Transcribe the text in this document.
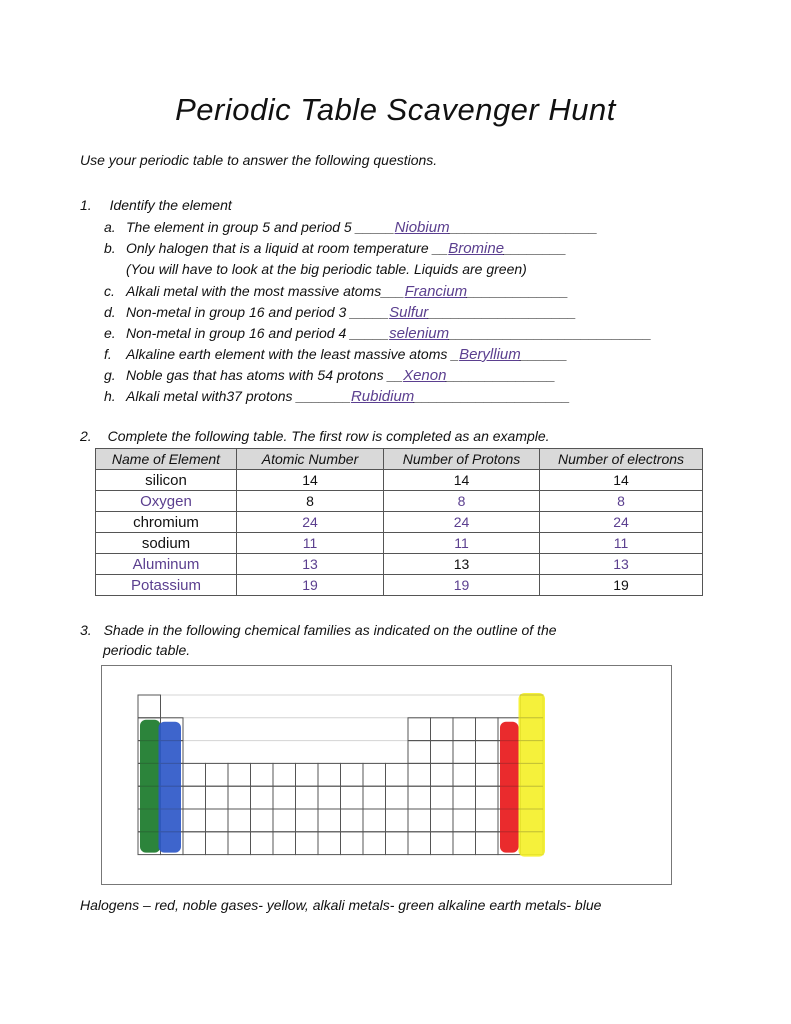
Periodic Table Scavenger Hunt
Use your periodic table to answer the following questions.
1. Identify the element
a. The element in group 5 and period 5 _____Niobium___________________
b. Only halogen that is a liquid at room temperature __Bromine________
(You will have to look at the big periodic table. Liquids are green)
c. Alkali metal with the most massive atoms___Francium_____________
d. Non-metal in group 16 and period 3 _____Sulfur___________________
e. Non-metal in group 16 and period 4 _____selenium__________________________
f. Alkaline earth element with the least massive atoms _Beryllium______
g. Noble gas that has atoms with 54 protons __Xenon______________
h. Alkali metal with37 protons _______Rubidium____________________
2. Complete the following table. The first row is completed as an example.
Name of Element	Atomic Number	Number of Protons	Number of electrons
silicon	14	14	14
Oxygen	8	8	8
chromium	24	24	24
sodium	11	11	11
Aluminum	13	13	13
Potassium	19	19	19
3. Shade in the following chemical families as indicated on the outline of the
periodic table.
Halogens – red, noble gases- yellow, alkali metals- green alkaline earth metals- blue
